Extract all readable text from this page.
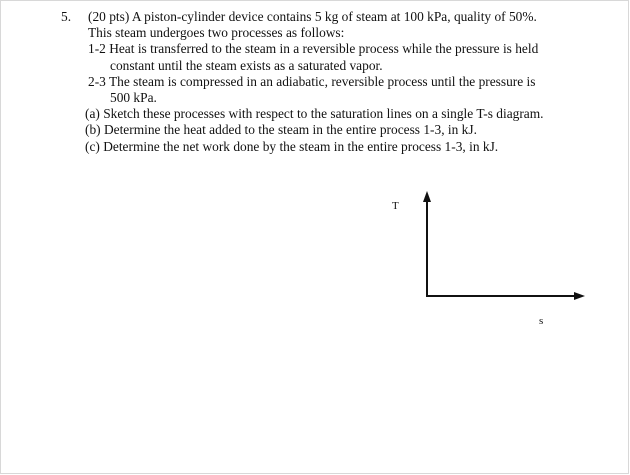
5. (20 pts) A piston-cylinder device contains 5 kg of steam at 100 kPa, quality of 50%.
This steam undergoes two processes as follows:
1-2 Heat is transferred to the steam in a reversible process while the pressure is held
constant until the steam exists as a saturated vapor.
2-3 The steam is compressed in an adiabatic, reversible process until the pressure is
500 kPa.
(a) Sketch these processes with respect to the saturation lines on a single T-s diagram.
(b) Determine the heat added to the steam in the entire process 1-3, in kJ.
(c) Determine the net work done by the steam in the entire process 1-3, in kJ.
T
s
